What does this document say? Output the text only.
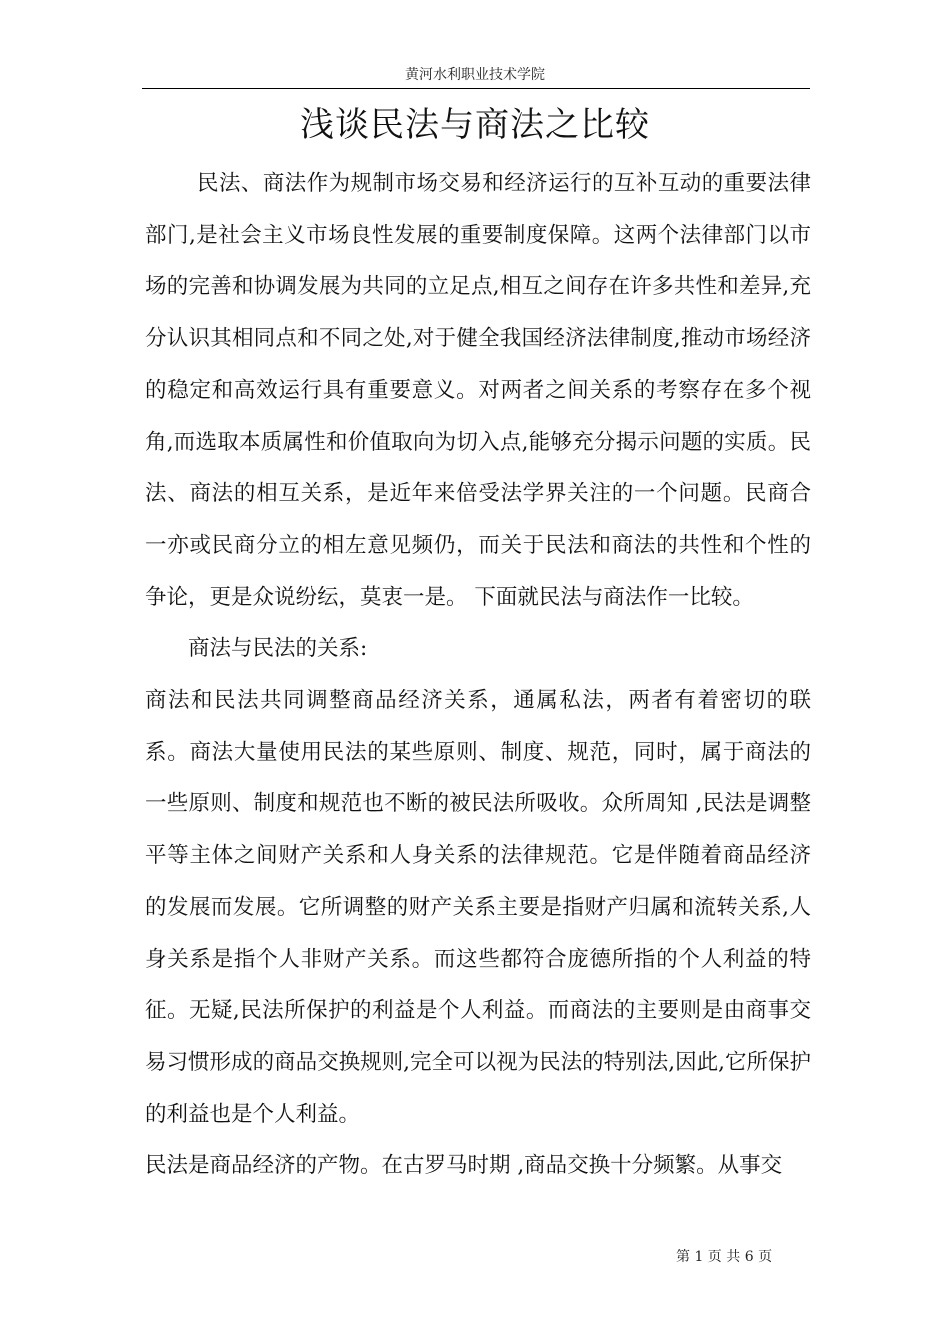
黄河水利职业技术学院
浅谈民法与商法之比较

民法、商法作为规制市场交易和经济运行的互补互动的重要法律部门,是社会主义市场良性发展的重要制度保障。这两个法律部门以市场的完善和协调发展为共同的立足点,相互之间存在许多共性和差异,充分认识其相同点和不同之处,对于健全我国经济法律制度,推动市场经济的稳定和高效运行具有重要意义。对两者之间关系的考察存在多个视角,而选取本质属性和价值取向为切入点,能够充分揭示问题的实质。民法、商法的相互关系，是近年来倍受法学界关注的一个问题。民商合一亦或民商分立的相左意见频仍，而关于民法和商法的共性和个性的争论，更是众说纷纭，莫衷一是。 下面就民法与商法作一比较。

商法与民法的关系:

商法和民法共同调整商品经济关系，通属私法，两者有着密切的联系。商法大量使用民法的某些原则、制度、规范，同时，属于商法的一些原则、制度和规范也不断的被民法所吸收。众所周知 ,民法是调整平等主体之间财产关系和人身关系的法律规范。它是伴随着商品经济的发展而发展。它所调整的财产关系主要是指财产归属和流转关系,人身关系是指个人非财产关系。而这些都符合庞德所指的个人利益的特征。无疑,民法所保护的利益是个人利益。而商法的主要则是由商事交易习惯形成的商品交换规则,完全可以视为民法的特别法,因此,它所保护的利益也是个人利益。

民法是商品经济的产物。在古罗马时期 ,商品交换十分频繁。从事交

第 1 页 共 6 页
